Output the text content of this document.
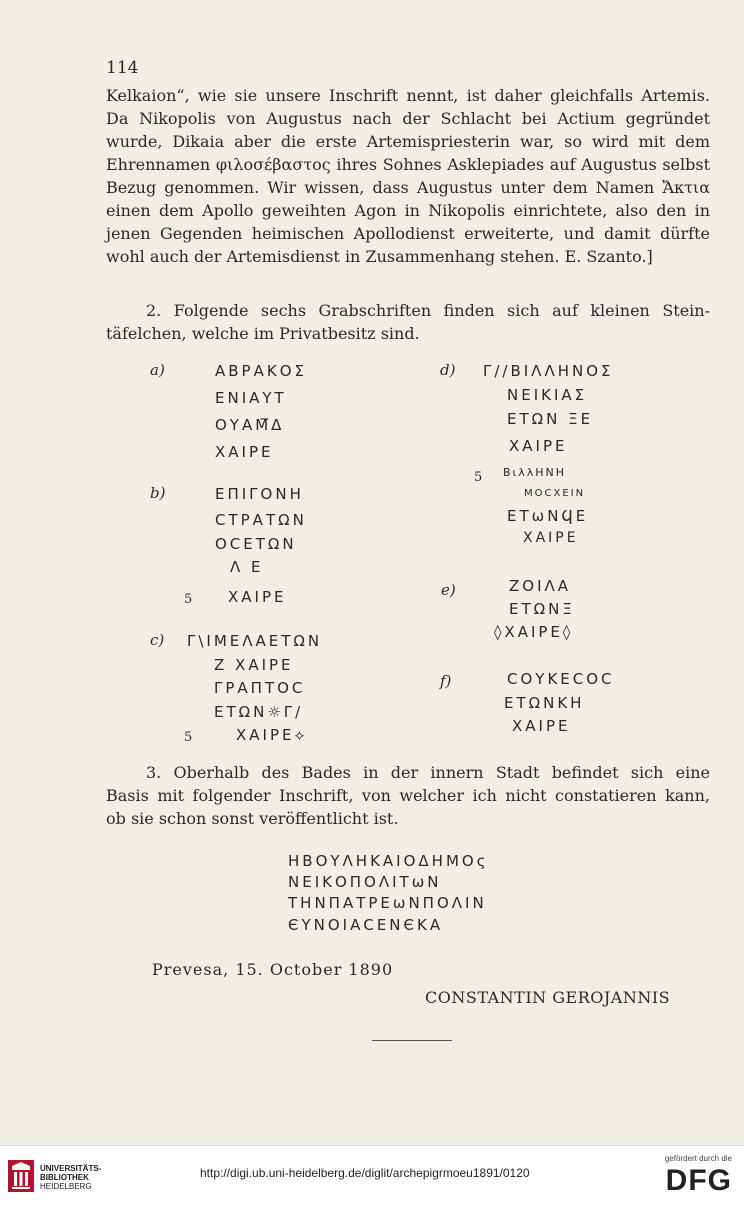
114
Kelkaion“, wie sie unsere Inschrift nennt, ist daher gleichfalls Artemis.
Da Nikopolis von Augustus nach der Schlacht bei Actium gegründet
wurde, Dikaia aber die erste Artemispriesterin war, so wird mit dem
Ehrennamen φιλοσέβαστος ihres Sohnes Asklepiades auf Augustus selbst
Bezug genommen. Wir wissen, dass Augustus unter dem Namen Ἄκτια
einen dem Apollo geweihten Agon in Nikopolis einrichtete, also den in
jenen Gegenden heimischen Apollodienst erweiterte, und damit dürfte
wohl auch der Artemisdienst in Zusammenhang stehen. E. Szanto.]
2. Folgende sechs Grabschriften finden sich auf kleinen Stein-
täfelchen, welche im Privatbesitz sind.
a)	ΑΒΡΑΚΟΣ
ΕΝΙΑΥΤ
ΟΥΑΜ̅Δ
ΧΑΙΡΕ
b)	ΕΠΙΓΟΝΗ
ϹΤΡΑΤΩΝ
ΟϹΕΤΩΝ
Λ Ε
5 ΧΑΙΡΕ
c) Γ\ΙΜΕΛΑΕΤΩΝ
Ζ ΧΑΙΡΕ
ΓΡΑΠΤΟϹ
ΕΤΩΝ☼Γ/
5	ΧΑΙΡΕ⟡
d) Γ//ΒΙΛΛΗΝΟΣ
ΝΕΙΚΙΑΣ
ΕΤΩΝ ΞΕ
ΧΑΙΡΕ
5 ΒιλλΗΝΗ
ΜΟϹΧΕΙΝ
ΕΤωΝϤΕ
ΧΑΙΡΕ
e)	ΖΟΙΛΑ
ΕΤΩΝΞ
◊ΧΑΙΡΕ◊
f)	ϹΟΥΚΕϹΟϹ
ΕΤΩΝΚΗ
ΧΑΙΡΕ
3. Oberhalb des Bades in der innern Stadt befindet sich eine
Basis mit folgender Inschrift, von welcher ich nicht constatieren kann,
ob sie schon sonst veröffentlicht ist.
ΗΒΟΥΛΗΚΑΙΟΔΗΜΟς
ΝΕΙΚΟΠΟΛΙΤωΝ
ΤΗΝΠΑΤΡΕωΝΠΟΛΙΝ
ЄΥΝΟΙΑϹΕΝЄΚΑ
Prevesa, 15. October 1890
CONSTANTIN GEROJANNIS
UNIVERSITÄTS-
BIBLIOTHEK
HEIDELBERG
http://digi.ub.uni-heidelberg.de/diglit/archepigrmoeu1891/0120
gefördert durch die
DFG
